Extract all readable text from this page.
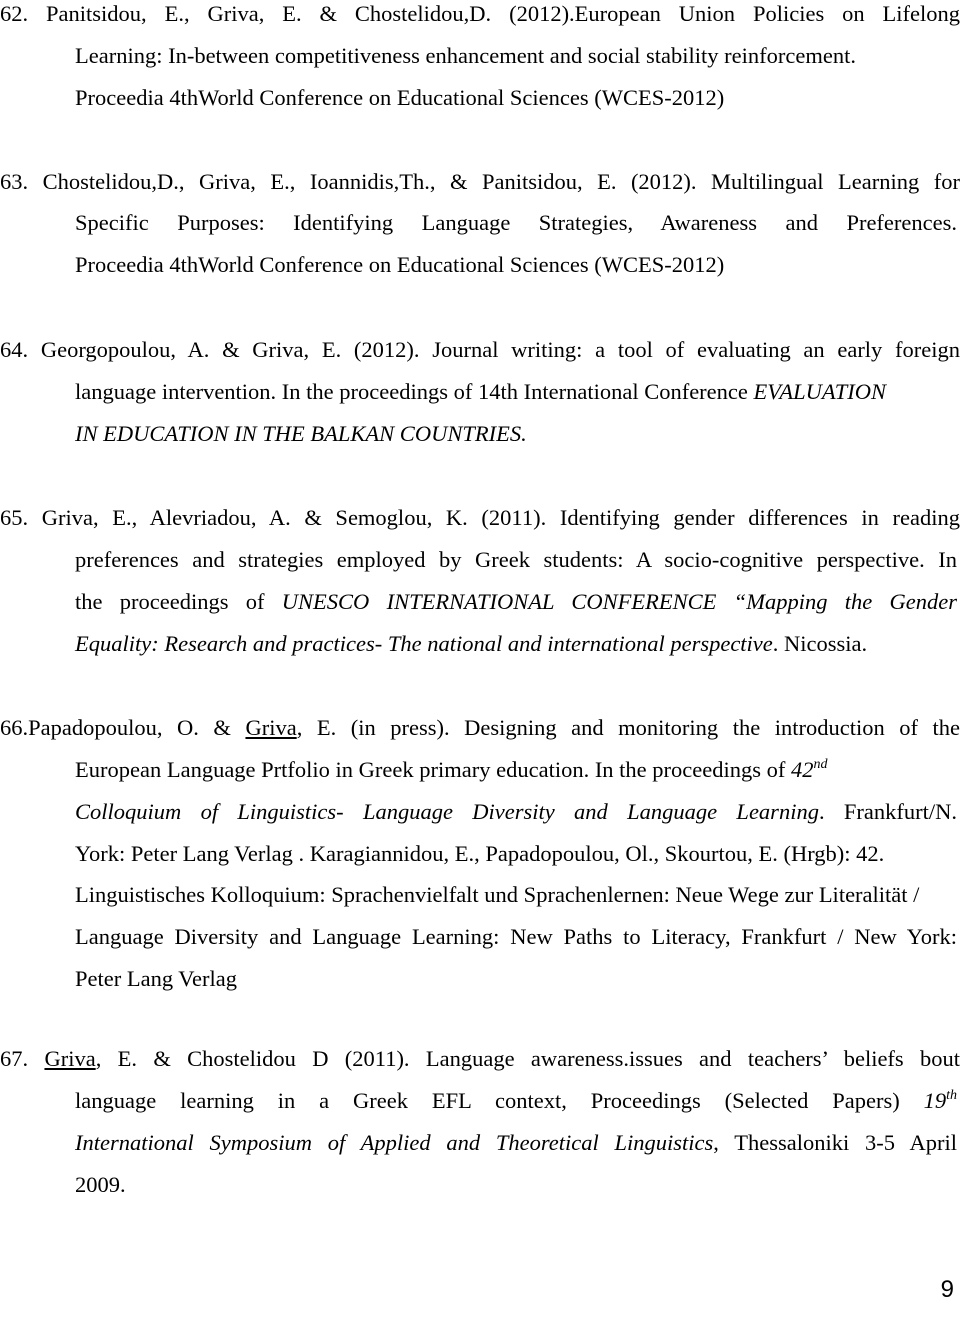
62. Panitsidou, E., Griva, E. & Chostelidou,D. (2012).European Union Policies on Lifelong
Learning: In-between competitiveness enhancement and social stability reinforcement.
Proceedia 4thWorld Conference on Educational Sciences (WCES-2012)
63. Chostelidou,D., Griva, E., Ioannidis,Th., & Panitsidou, E. (2012). Multilingual Learning for
Specific Purposes: Identifying Language Strategies, Awareness and Preferences.
Proceedia 4thWorld Conference on Educational Sciences (WCES-2012)
64. Georgopoulou, A. & Griva, E. (2012). Journal writing: a tool of evaluating an early foreign
language intervention. In the proceedings of 14th International Conference EVALUATION
IN EDUCATION IN THE BALKAN COUNTRIES.
65. Griva, E., Alevriadou, A. & Semoglou, K. (2011). Identifying gender differences in reading
preferences and strategies employed by Greek students: A socio-cognitive perspective. In
the proceedings of UNESCO INTERNATIONAL CONFERENCE “Mapping the Gender
Equality: Research and practices- The national and international perspective. Nicossia.
66.Papadopoulou, O. & Griva, E. (in press). Designing and monitoring the introduction of the
European Language Prtfolio in Greek primary education. In the proceedings of 42nd
Colloquium of Linguistics- Language Diversity and Language Learning. Frankfurt/N.
York: Peter Lang Verlag . Karagiannidou, E., Papadopoulou, Ol., Skourtou, E. (Hrgb): 42.
Linguistisches Kolloquium: Sprachenvielfalt und Sprachenlernen: Neue Wege zur Literalität /
Language Diversity and Language Learning: New Paths to Literacy, Frankfurt / New York:
Peter Lang Verlag
67. Griva, E. & Chostelidou D (2011). Language awareness.issues and teachers’ beliefs bout
language learning in a Greek EFL context, Proceedings (Selected Papers) 19th
International Symposium of Applied and Theoretical Linguistics, Thessaloniki 3-5 April
2009.
9
